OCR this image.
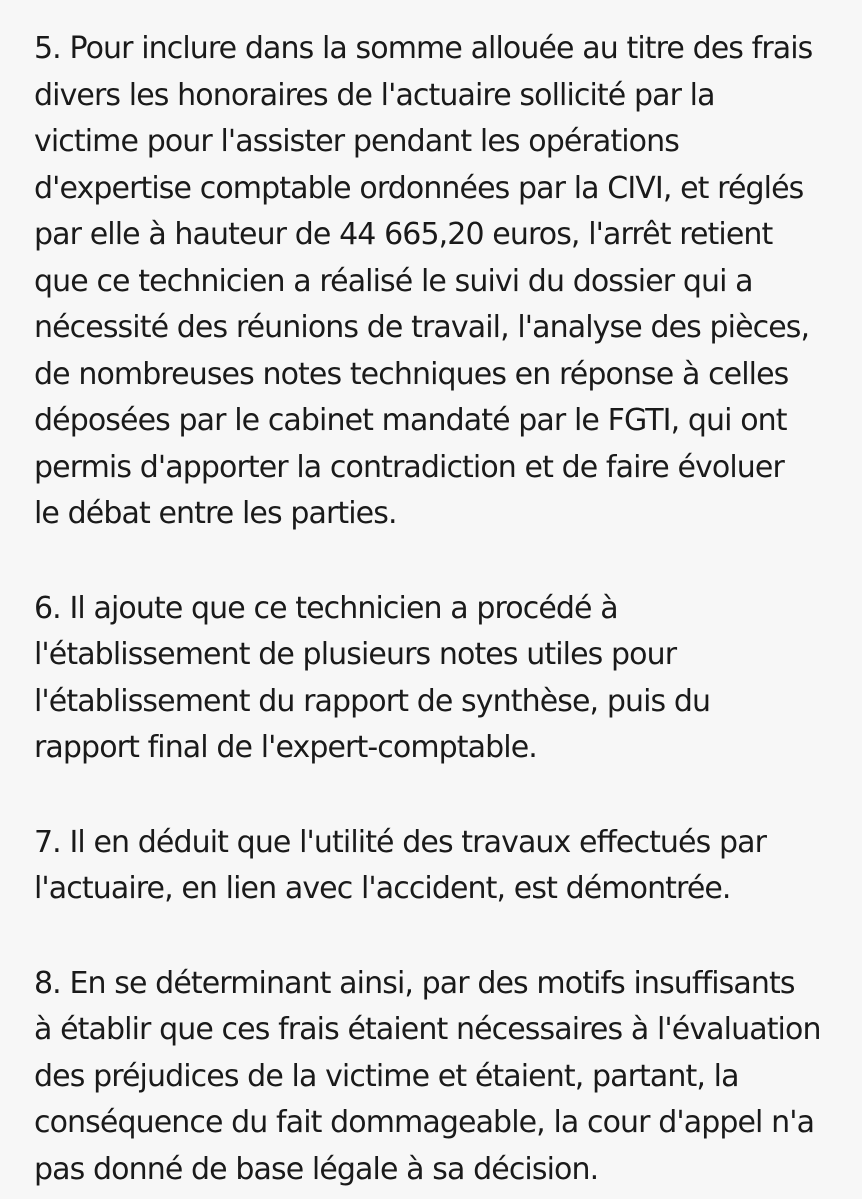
5. Pour inclure dans la somme allouée au titre des frais
divers les honoraires de l'actuaire sollicité par la
victime pour l'assister pendant les opérations
d'expertise comptable ordonnées par la CIVI, et réglés
par elle à hauteur de 44 665,20 euros, l'arrêt retient
que ce technicien a réalisé le suivi du dossier qui a
nécessité des réunions de travail, l'analyse des pièces,
de nombreuses notes techniques en réponse à celles
déposées par le cabinet mandaté par le FGTI, qui ont
permis d'apporter la contradiction et de faire évoluer
le débat entre les parties.

6. Il ajoute que ce technicien a procédé à
l'établissement de plusieurs notes utiles pour
l'établissement du rapport de synthèse, puis du
rapport final de l'expert-comptable.

7. Il en déduit que l'utilité des travaux effectués par
l'actuaire, en lien avec l'accident, est démontrée.

8. En se déterminant ainsi, par des motifs insuffisants
à établir que ces frais étaient nécessaires à l'évaluation
des préjudices de la victime et étaient, partant, la
conséquence du fait dommageable, la cour d'appel n'a
pas donné de base légale à sa décision.
